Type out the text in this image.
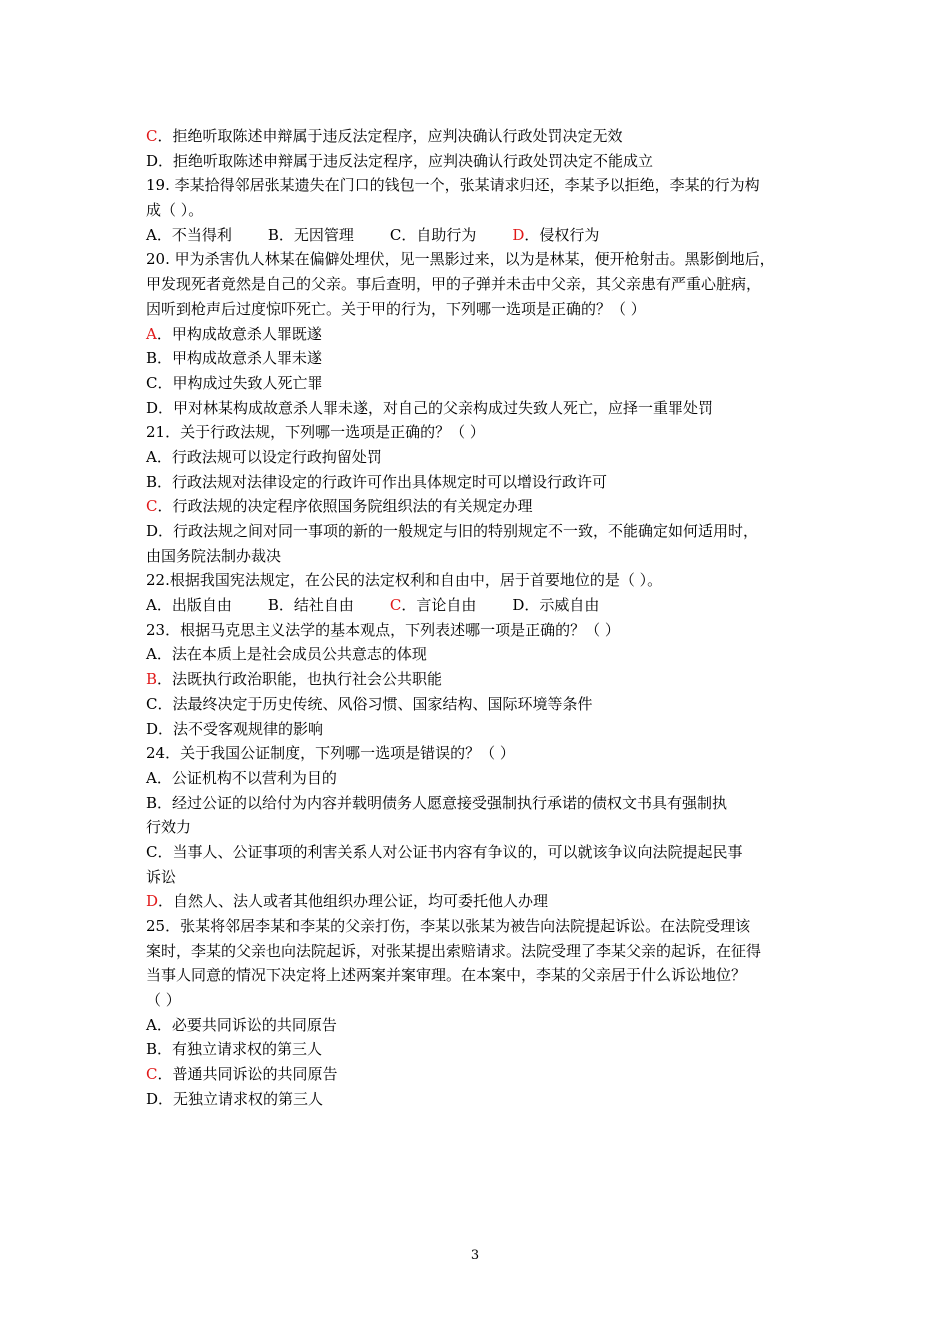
C．拒绝听取陈述申辩属于违反法定程序，应判决确认行政处罚决定无效
D．拒绝听取陈述申辩属于违反法定程序，应判决确认行政处罚决定不能成立
19. 李某拾得邻居张某遗失在门口的钱包一个，张某请求归还，李某予以拒绝，李某的行为构
成（ ）。
A．不当得利 B．无因管理 C．自助行为 D．侵权行为
20. 甲为杀害仇人林某在偏僻处埋伏，见一黑影过来，以为是林某，便开枪射击。黑影倒地后，
甲发现死者竟然是自己的父亲。事后查明，甲的子弹并未击中父亲，其父亲患有严重心脏病，
因听到枪声后过度惊吓死亡。关于甲的行为，下列哪一选项是正确的？（ ）
A．甲构成故意杀人罪既遂
B．甲构成故意杀人罪未遂
C．甲构成过失致人死亡罪
D．甲对林某构成故意杀人罪未遂，对自己的父亲构成过失致人死亡，应择一重罪处罚
21．关于行政法规，下列哪一选项是正确的？（ ）
A．行政法规可以设定行政拘留处罚
B．行政法规对法律设定的行政许可作出具体规定时可以增设行政许可
C．行政法规的决定程序依照国务院组织法的有关规定办理
D．行政法规之间对同一事项的新的一般规定与旧的特别规定不一致，不能确定如何适用时，
由国务院法制办裁决
22.根据我国宪法规定，在公民的法定权利和自由中，居于首要地位的是（ ）。
A．出版自由 B．结社自由 C．言论自由 D．示威自由
23．根据马克思主义法学的基本观点，下列表述哪一项是正确的？（ ）
A．法在本质上是社会成员公共意志的体现
B．法既执行政治职能，也执行社会公共职能
C．法最终决定于历史传统、风俗习惯、国家结构、国际环境等条件
D．法不受客观规律的影响
24．关于我国公证制度，下列哪一选项是错误的？（ ）
A．公证机构不以营利为目的
B．经过公证的以给付为内容并载明债务人愿意接受强制执行承诺的债权文书具有强制执
行效力
C．当事人、公证事项的利害关系人对公证书内容有争议的，可以就该争议向法院提起民事
诉讼
D．自然人、法人或者其他组织办理公证，均可委托他人办理
25．张某将邻居李某和李某的父亲打伤，李某以张某为被告向法院提起诉讼。在法院受理该
案时，李某的父亲也向法院起诉，对张某提出索赔请求。法院受理了李某父亲的起诉，在征得
当事人同意的情况下决定将上述两案并案审理。在本案中，李某的父亲居于什么诉讼地位？
（ ）
A．必要共同诉讼的共同原告
B．有独立请求权的第三人
C．普通共同诉讼的共同原告
D．无独立请求权的第三人
3
